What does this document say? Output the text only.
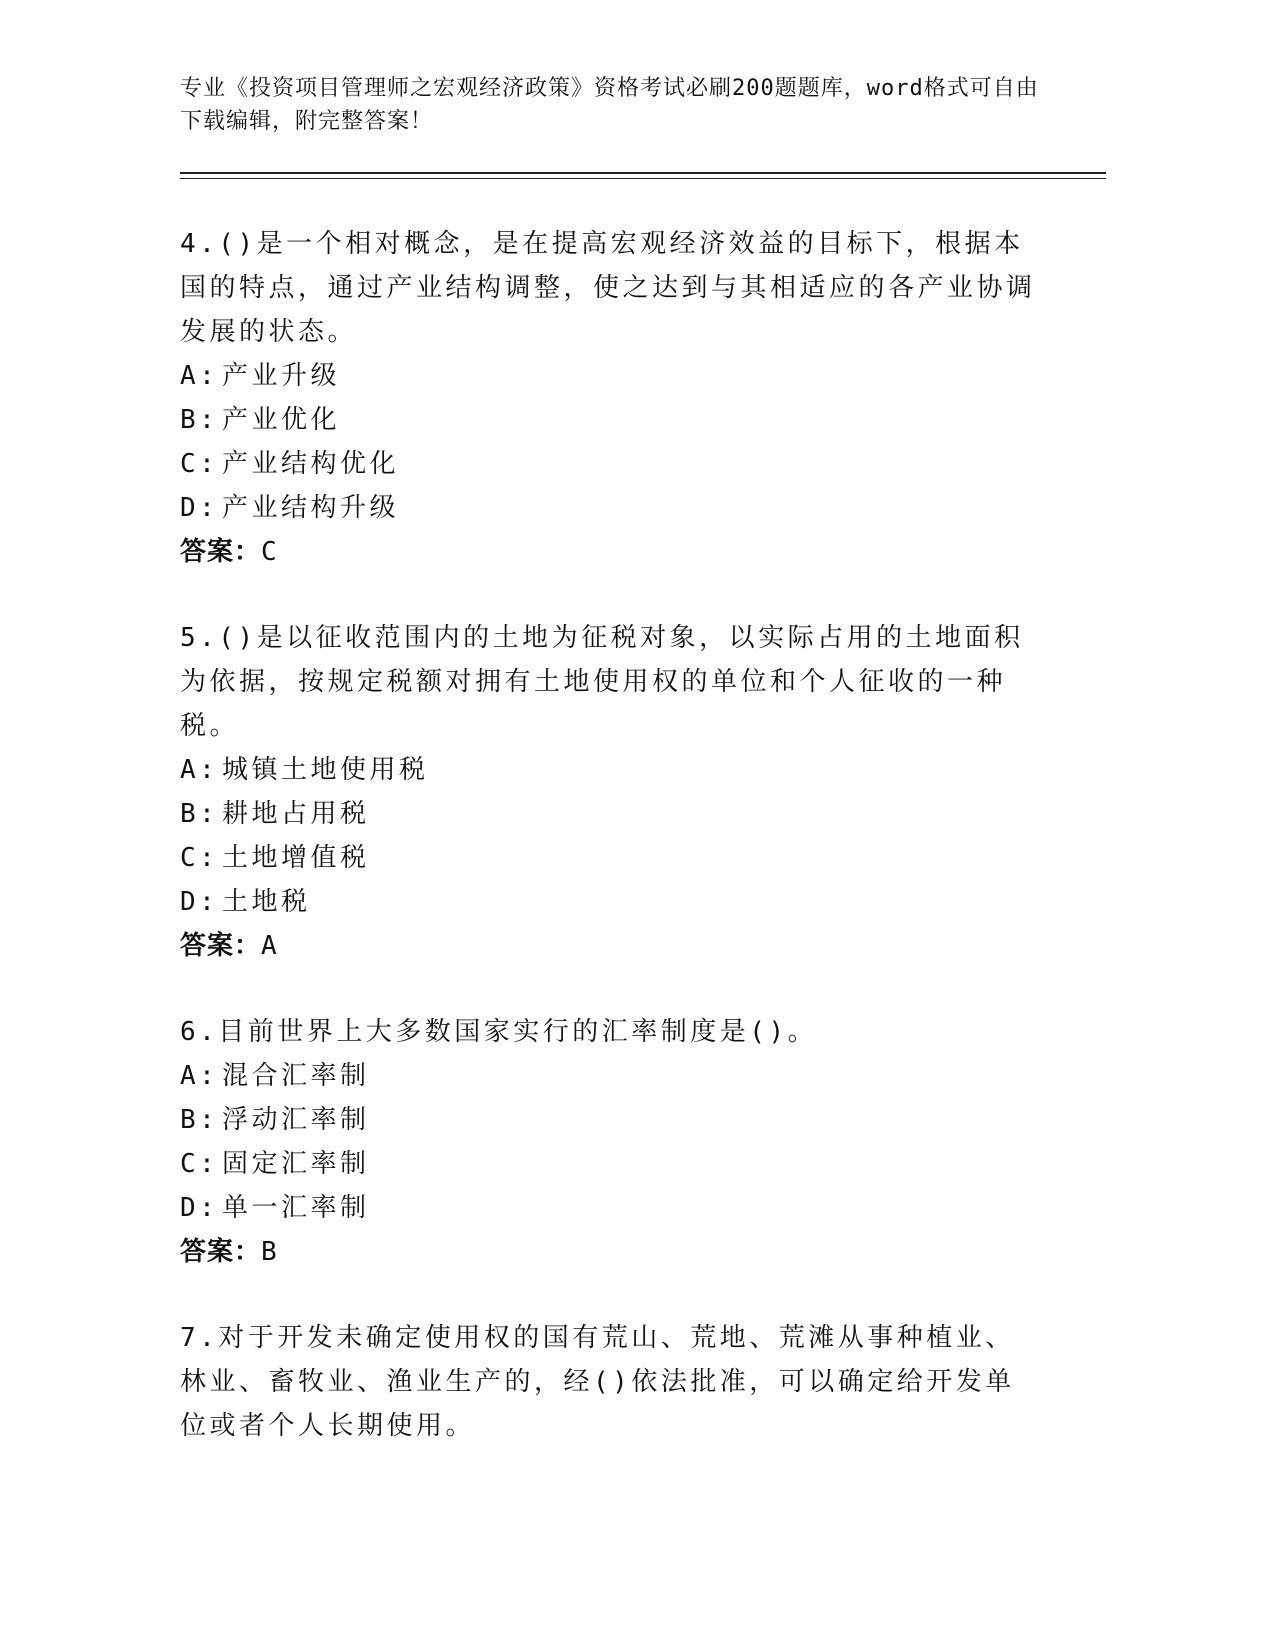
专业《投资项目管理师之宏观经济政策》资格考试必刷200题题库，word格式可自由下载编辑，附完整答案！

4.()是一个相对概念，是在提高宏观经济效益的目标下，根据本国的特点，通过产业结构调整，使之达到与其相适应的各产业协调发展的状态。

A: 产业升级

B: 产业优化

C: 产业结构优化

D: 产业结构升级

答案：C

5.()是以征收范围内的土地为征税对象，以实际占用的土地面积为依据，按规定税额对拥有土地使用权的单位和个人征收的一种税。

A: 城镇土地使用税

B: 耕地占用税

C: 土地增值税

D: 土地税

答案：A

6.目前世界上大多数国家实行的汇率制度是()。

A: 混合汇率制

B: 浮动汇率制

C: 固定汇率制

D: 单一汇率制

答案：B

7.对于开发未确定使用权的国有荒山、荒地、荒滩从事种植业、林业、畜牧业、渔业生产的，经()依法批准，可以确定给开发单位或者个人长期使用。
